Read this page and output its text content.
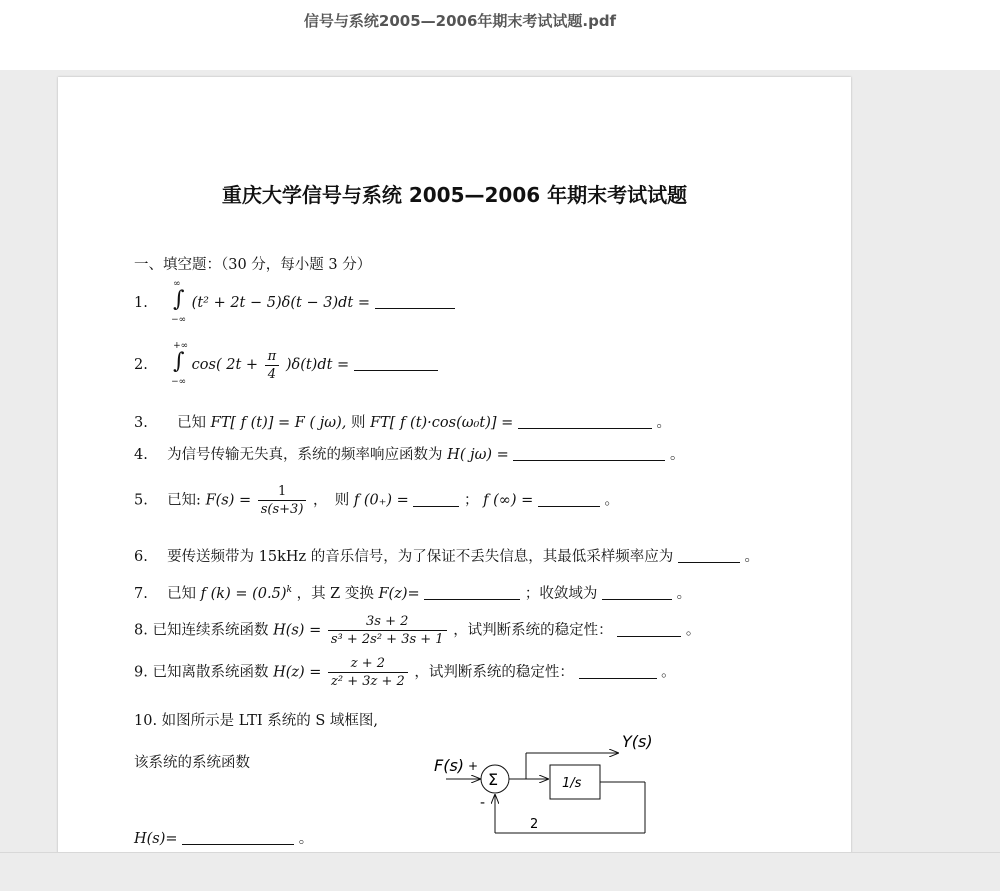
信号与系统2005—2006年期末考试试题.pdf
重庆大学信号与系统 2005—2006 年期末考试试题
一、填空题：（30 分，每小题 3 分）
1.
∞
∫
−∞
(t² + 2t − 5)δ(t − 3)dt =
2.
+∞
∫
−∞
cos( $2t + \frac{\pi}{4} )\delta(t)dt$ =
3. 已知 FT[ f (t)] = F ( jω), 则 FT[ f (t)·cos(ω₀t)] =	。
4. 为信号传输无失真，系统的频率响应函数为 H( jω) =	。
5. 已知: $F(s) = \frac{1}{s(s+3)}$ ，　则 f (0₊) =	； f (∞) =	。
6. 要传送频带为 15kHz 的音乐信号，为了保证不丢失信息，其最低采样频率应为	。
7. 已知 f $(k) = (0.5)^k$ ，其 Z 变换 F(z)=	；收敛域为	。
8. 已知连续系统函数 $H(s) = \frac{3s + 2}{\text{s³ + 2s² + 3s + 1}}$ ，试判断系统的稳定性：	。
9. 已知离散系统函数 $H(z) = \frac{z + 2}{\text{z² + 3z + 2}}$ ，试判断系统的稳定性：	。
10. 如图所示是 LTI 系统的 S 域框图,
该系统的系统函数
H(s)=	。
F(s) +
Σ	1/s
Y(s)
2
-
